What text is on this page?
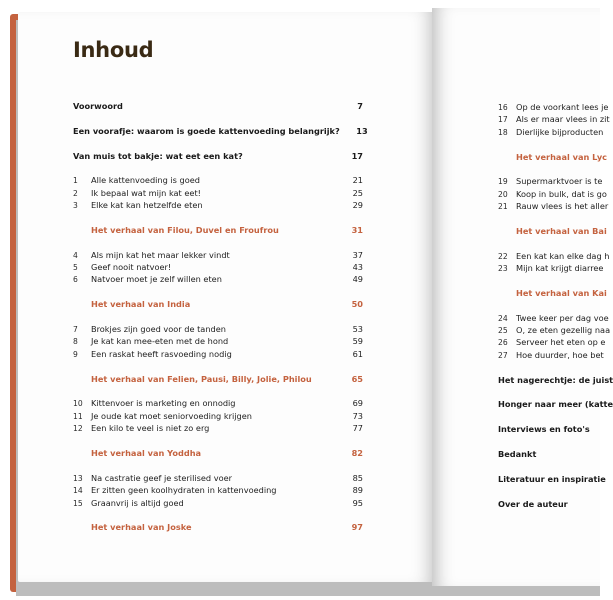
Inhoud
Voorwoord	7
Een voorafje: waarom is goede kattenvoeding belangrijk?	13
Van muis tot bakje: wat eet een kat?	17
1	Alle kattenvoeding is goed	21
2	Ik bepaal wat mijn kat eet!	25
3	Elke kat kan hetzelfde eten	29
Het verhaal van Filou, Duvel en Froufrou	31
4	Als mijn kat het maar lekker vindt	37
5	Geef nooit natvoer!	43
6	Natvoer moet je zelf willen eten	49
Het verhaal van India	50
7	Brokjes zijn goed voor de tanden	53
8	Je kat kan mee-eten met de hond	59
9	Een raskat heeft rasvoeding nodig	61
Het verhaal van Felien, Pausi, Billy, Jolie, Philou	65
10	Kittenvoer is marketing en onnodig	69
11	Je oude kat moet seniorvoeding krijgen	73
12	Een kilo te veel is niet zo erg	77
Het verhaal van Yoddha	82
13	Na castratie geef je sterilised voer	85
14	Er zitten geen koolhydraten in kattenvoeding	89
15	Graanvrij is altijd goed	95
Het verhaal van Joske	97
16	Op de voorkant lees je
17	Als er maar vlees in zit
18	Dierlijke bijproducten
Het verhaal van Lyc
19	Supermarktvoer is te
20	Koop in bulk, dat is go
21	Rauw vlees is het aller
Het verhaal van Bai
22	Een kat kan elke dag h
23	Mijn kat krijgt diarree
Het verhaal van Kai
24	Twee keer per dag voe
25	O, ze eten gezellig naa
26	Serveer het eten op e
27	Hoe duurder, hoe bet
Het nagerechtje: de juist
Honger naar meer (katte
Interviews en foto's
Bedankt
Literatuur en inspiratie
Over de auteur
